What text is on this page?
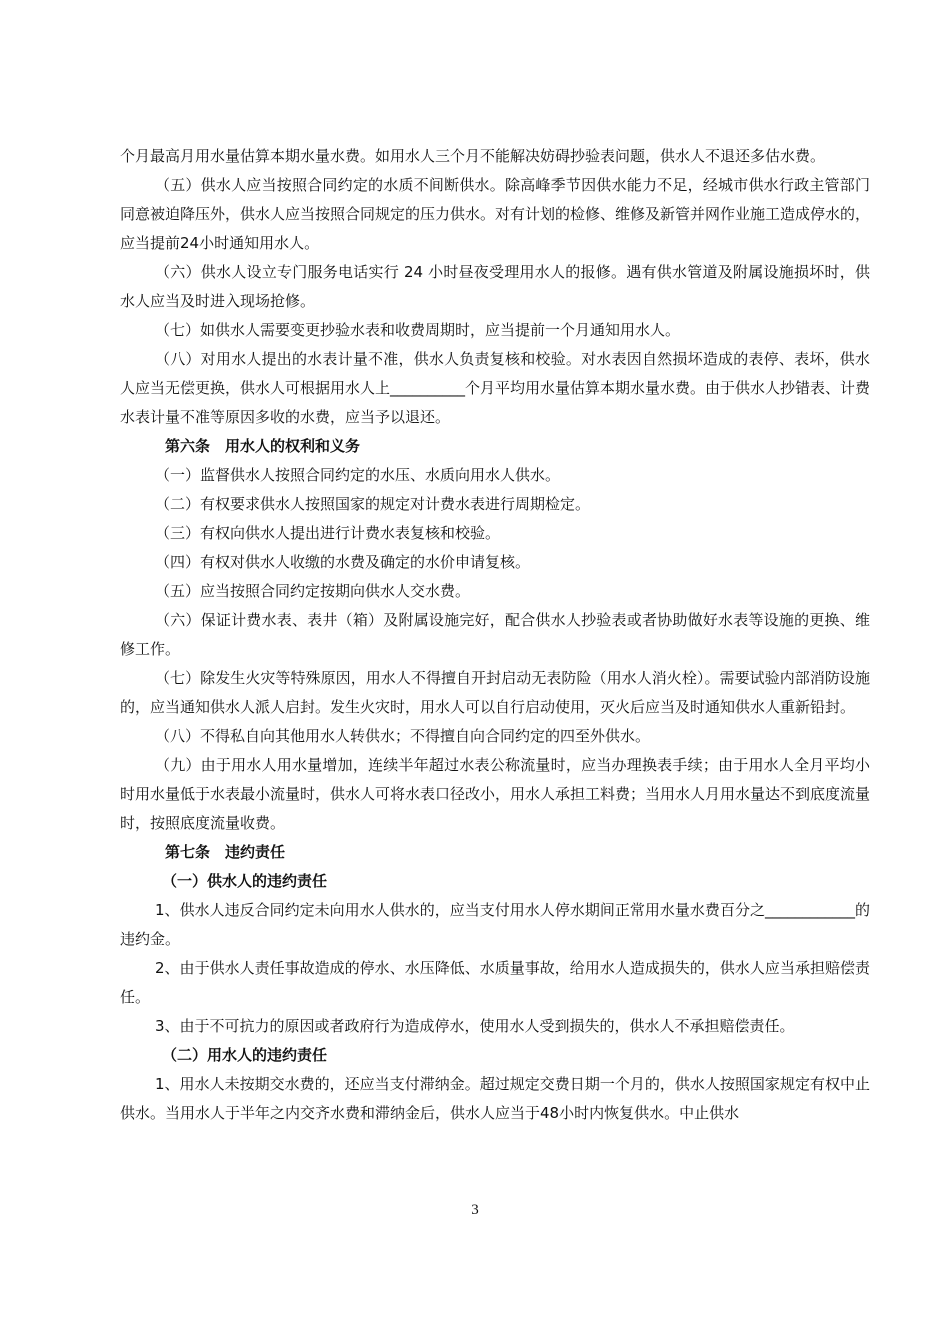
个月最高月用水量估算本期水量水费。如用水人三个月不能解决妨碍抄验表问题，供水人不退还多估水费。

（五）供水人应当按照合同约定的水质不间断供水。除高峰季节因供水能力不足，经城市供水行政主管部门同意被迫降压外，供水人应当按照合同规定的压力供水。对有计划的检修、维修及新管并网作业施工造成停水的，应当提前24小时通知用水人。

（六）供水人设立专门服务电话实行 24 小时昼夜受理用水人的报修。遇有供水管道及附属设施损坏时，供水人应当及时进入现场抢修。

（七）如供水人需要变更抄验水表和收费周期时，应当提前一个月通知用水人。

（八）对用水人提出的水表计量不准，供水人负责复核和校验。对水表因自然损坏造成的表停、表坏，供水人应当无偿更换，供水人可根据用水人上__________个月平均用水量估算本期水量水费。由于供水人抄错表、计费水表计量不准等原因多收的水费，应当予以退还。

第六条　用水人的权利和义务

（一）监督供水人按照合同约定的水压、水质向用水人供水。

（二）有权要求供水人按照国家的规定对计费水表进行周期检定。

（三）有权向供水人提出进行计费水表复核和校验。

（四）有权对供水人收缴的水费及确定的水价申请复核。

（五）应当按照合同约定按期向供水人交水费。

（六）保证计费水表、表井（箱）及附属设施完好，配合供水人抄验表或者协助做好水表等设施的更换、维修工作。

（七）除发生火灾等特殊原因，用水人不得擅自开封启动无表防险（用水人消火栓）。需要试验内部消防设施的，应当通知供水人派人启封。发生火灾时，用水人可以自行启动使用，灭火后应当及时通知供水人重新铅封。

（八）不得私自向其他用水人转供水；不得擅自向合同约定的四至外供水。

（九）由于用水人用水量增加，连续半年超过水表公称流量时，应当办理换表手续；由于用水人全月平均小时用水量低于水表最小流量时，供水人可将水表口径改小，用水人承担工料费；当用水人月用水量达不到底度流量时，按照底度流量收费。

第七条　违约责任

（一）供水人的违约责任

1、供水人违反合同约定未向用水人供水的，应当支付用水人停水期间正常用水量水费百分之____________的违约金。

2、由于供水人责任事故造成的停水、水压降低、水质量事故，给用水人造成损失的，供水人应当承担赔偿责任。

3、由于不可抗力的原因或者政府行为造成停水，使用水人受到损失的，供水人不承担赔偿责任。

（二）用水人的违约责任

1、用水人未按期交水费的，还应当支付滞纳金。超过规定交费日期一个月的，供水人按照国家规定有权中止供水。当用水人于半年之内交齐水费和滞纳金后，供水人应当于48小时内恢复供水。中止供水

3
